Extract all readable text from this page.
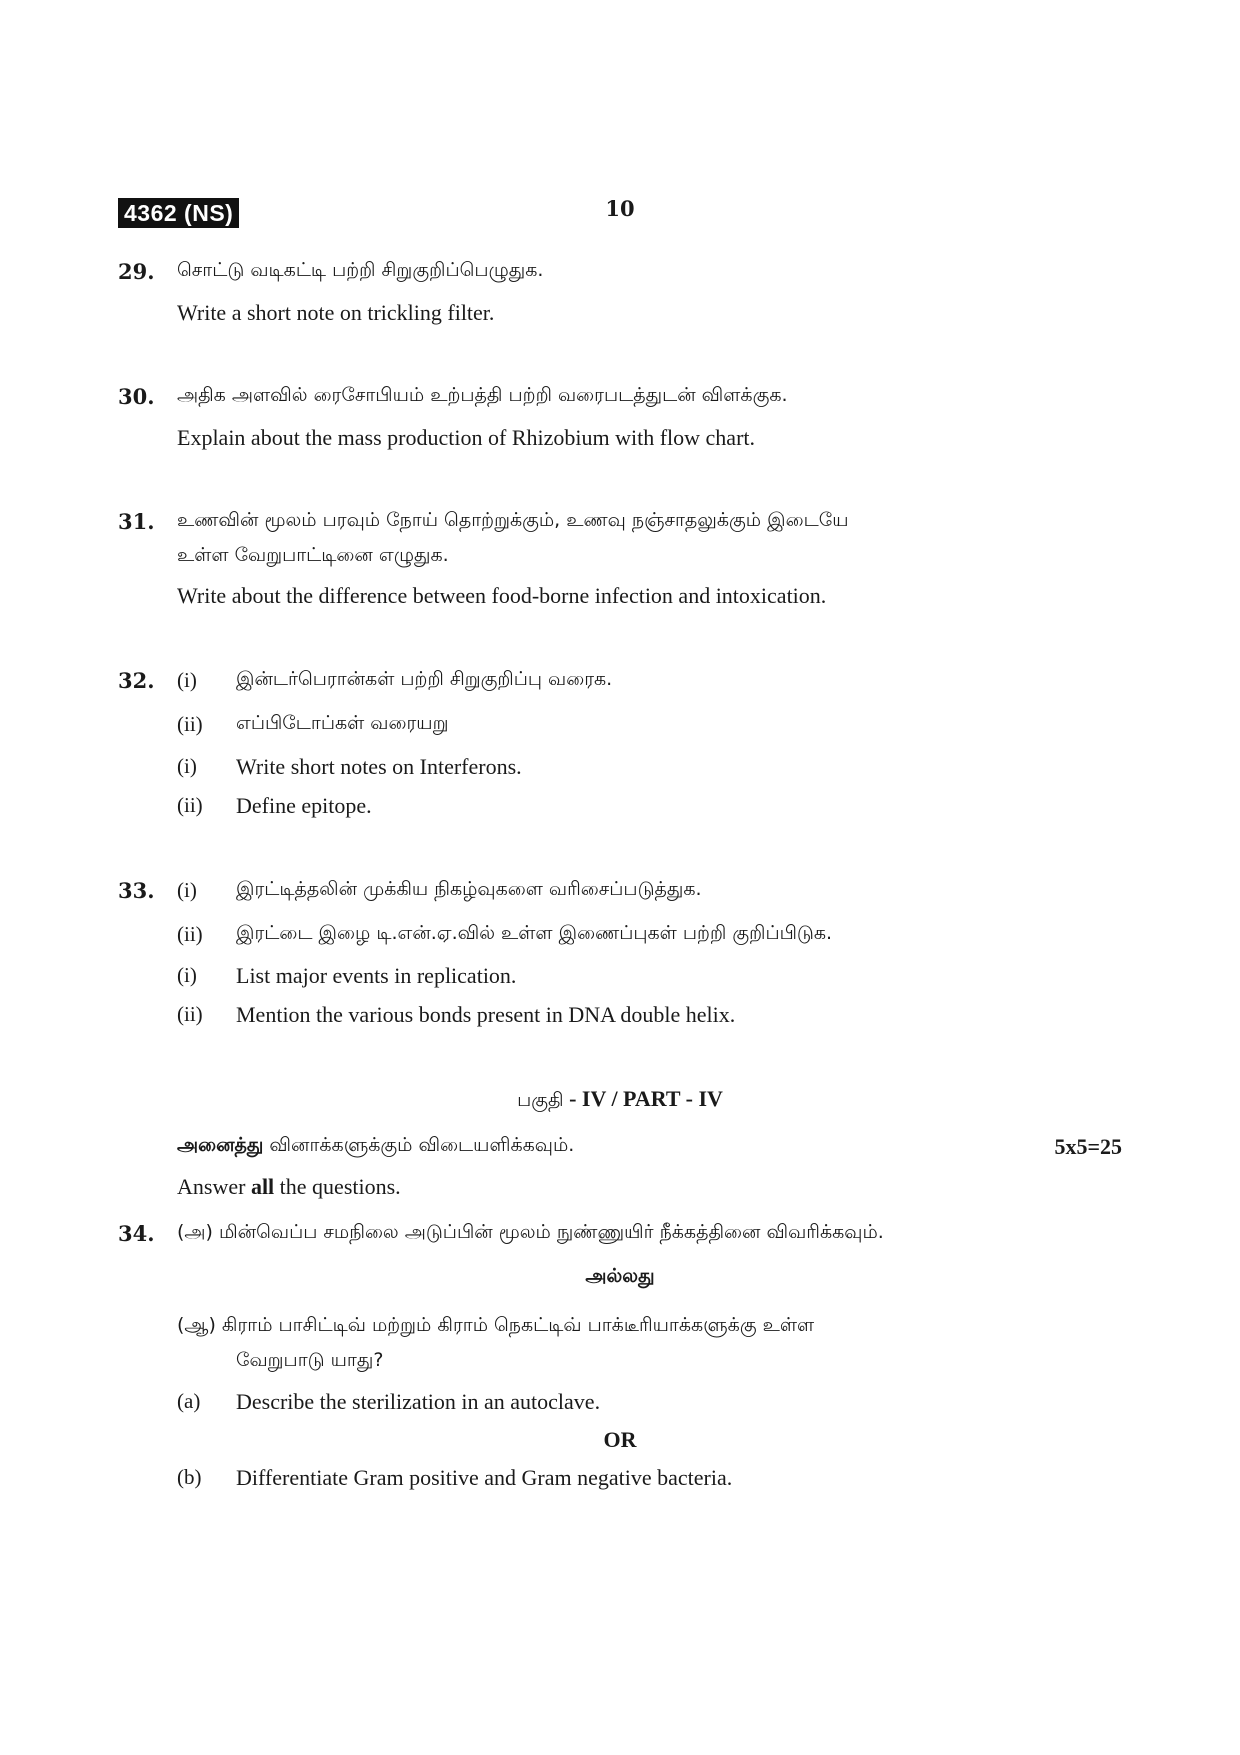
4362 (NS)	10
29. சொட்டு வடிகட்டி பற்றி சிறுகுறிப்பெழுதுக.
Write a short note on trickling filter.
30. அதிக அளவில் ரைசோபியம் உற்பத்தி பற்றி வரைபடத்துடன் விளக்குக.
Explain about the mass production of Rhizobium with flow chart.
31. உணவின் மூலம் பரவும் நோய் தொற்றுக்கும், உணவு நஞ்சாதலுக்கும் இடையே
உள்ள வேறுபாட்டினை எழுதுக.
Write about the difference between food-borne infection and intoxication.
32. (i) இன்டர்பெரான்கள் பற்றி சிறுகுறிப்பு வரைக.
(ii) எப்பிடோப்கள் வரையறு
(i) Write short notes on Interferons.
(ii) Define epitope.
33. (i) இரட்டித்தலின் முக்கிய நிகழ்வுகளை வரிசைப்படுத்துக.
(ii) இரட்டை இழை டி.என்.ஏ.வில் உள்ள இணைப்புகள் பற்றி குறிப்பிடுக.
(i) List major events in replication.
(ii) Mention the various bonds present in DNA double helix.
பகுதி - IV / PART - IV
அனைத்து வினாக்களுக்கும் விடையளிக்கவும்.	5x5=25
Answer all the questions.
34. (அ) மின்வெப்ப சமநிலை அடுப்பின் மூலம் நுண்ணுயிர் நீக்கத்தினை விவரிக்கவும்.
அல்லது
(ஆ) கிராம் பாசிட்டிவ் மற்றும் கிராம் நெகட்டிவ் பாக்டீரியாக்களுக்கு உள்ள
வேறுபாடு யாது?
(a) Describe the sterilization in an autoclave.
OR
(b) Differentiate Gram positive and Gram negative bacteria.
